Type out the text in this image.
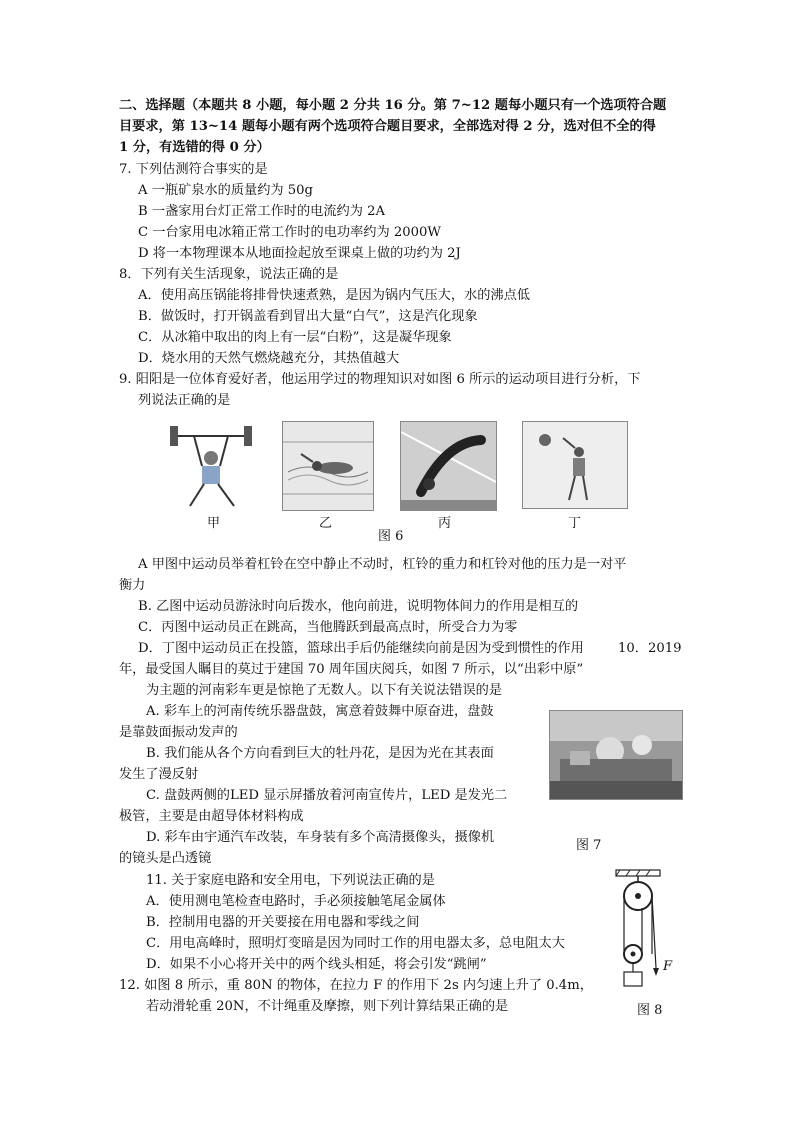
二、选择题（本题共 8 小题，每小题 2 分共 16 分。第 7~12 题每小题只有一个选项符合题
目要求，第 13~14 题每小题有两个选项符合题目要求，全部选对得 2 分，选对但不全的得
1 分，有选错的得 0 分）
7. 下列估测符合事实的是
A 一瓶矿泉水的质量约为 50g
B 一盏家用台灯正常工作时的电流约为 2A
C 一台家用电冰箱正常工作时的电功率约为 2000W
D 将一本物理课本从地面捡起放至课桌上做的功约为 2J
8．下列有关生活现象，说法正确的是
A．使用高压锅能将排骨快速煮熟，是因为锅内气压大，水的沸点低
B．做饭时，打开锅盖看到冒出大量“白气”，这是汽化现象
C．从冰箱中取出的肉上有一层“白粉”，这是凝华现象
D．烧水用的天然气燃烧越充分，其热值越大
9. 阳阳是一位体育爱好者，他运用学过的物理知识对如图 6 所示的运动项目进行分析，下
列说法正确的是
甲	乙	丙	丁
图 6
A 甲图中运动员举着杠铃在空中静止不动时，杠铃的重力和杠铃对他的压力是一对平
衡力
B. 乙图中运动员游泳时向后拨水，他向前进，说明物体间力的作用是相互的
C．丙图中运动员正在跳高，当他腾跃到最高点时，所受合力为零
D．丁图中运动员正在投篮，篮球出手后仍能继续向前是因为受到惯性的作用	10．2019
年，最受国人瞩目的莫过于建国 70 周年国庆阅兵，如图 7 所示，以“出彩中原”
为主题的河南彩车更是惊艳了无数人。以下有关说法错误的是
A. 彩车上的河南传统乐器盘鼓，寓意着鼓舞中原奋进，盘鼓
是靠鼓面振动发声的
B. 我们能从各个方向看到巨大的牡丹花，是因为光在其表面
发生了漫反射
C. 盘鼓两侧的LED 显示屏播放着河南宣传片，LED 是发光二
极管，主要是由超导体材料构成
D. 彩车由宇通汽车改装，车身装有多个高清摄像头，摄像机
的镜头是凸透镜
图 7
11. 关于家庭电路和安全用电，下列说法正确的是
A．使用测电笔检查电路时，手必须接触笔尾金属体
B．控制用电器的开关要接在用电器和零线之间
C．用电高峰时，照明灯变暗是因为同时工作的用电器太多，总电阻太大
D．如果不小心将开关中的两个线头相延，将会引发“跳闸”
12. 如图 8 所示，重 80N 的物体，在拉力 F 的作用下 2s 内匀速上升了 0.4m，
若动滑轮重 20N，不计绳重及摩擦，则下列计算结果正确的是
F
图 8
